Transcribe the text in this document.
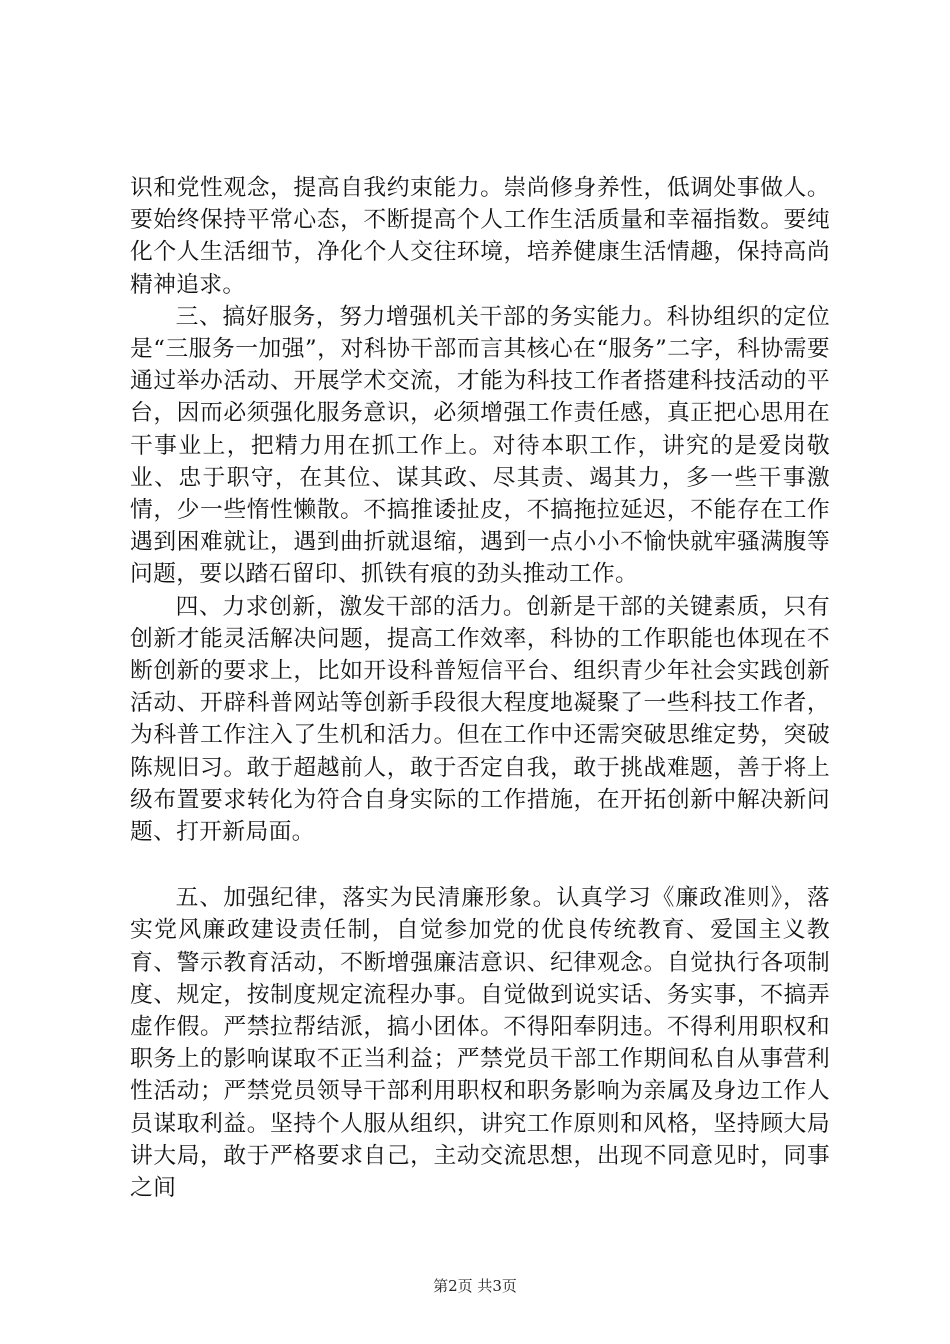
识和党性观念，提高自我约束能力。崇尚修身养性，低调处事做人。要始终保持平常心态，不断提高个人工作生活质量和幸福指数。要纯化个人生活细节，净化个人交往环境，培养健康生活情趣，保持高尚精神追求。

三、搞好服务，努力增强机关干部的务实能力。科协组织的定位是“三服务一加强”，对科协干部而言其核心在“服务”二字，科协需要通过举办活动、开展学术交流，才能为科技工作者搭建科技活动的平台，因而必须强化服务意识，必须增强工作责任感，真正把心思用在干事业上，把精力用在抓工作上。对待本职工作，讲究的是爱岗敬业、忠于职守，在其位、谋其政、尽其责、竭其力，多一些干事激情，少一些惰性懒散。不搞推诿扯皮，不搞拖拉延迟，不能存在工作遇到困难就让，遇到曲折就退缩，遇到一点小小不愉快就牢骚满腹等问题，要以踏石留印、抓铁有痕的劲头推动工作。

四、力求创新，激发干部的活力。创新是干部的关键素质，只有创新才能灵活解决问题，提高工作效率，科协的工作职能也体现在不断创新的要求上，比如开设科普短信平台、组织青少年社会实践创新活动、开辟科普网站等创新手段很大程度地凝聚了一些科技工作者，为科普工作注入了生机和活力。但在工作中还需突破思维定势，突破陈规旧习。敢于超越前人，敢于否定自我，敢于挑战难题，善于将上级布置要求转化为符合自身实际的工作措施，在开拓创新中解决新问题、打开新局面。

五、加强纪律，落实为民清廉形象。认真学习《廉政准则》，落实党风廉政建设责任制，自觉参加党的优良传统教育、爱国主义教育、警示教育活动，不断增强廉洁意识、纪律观念。自觉执行各项制度、规定，按制度规定流程办事。自觉做到说实话、务实事，不搞弄虚作假。严禁拉帮结派，搞小团体。不得阳奉阴违。不得利用职权和职务上的影响谋取不正当利益；严禁党员干部工作期间私自从事营利性活动；严禁党员领导干部利用职权和职务影响为亲属及身边工作人员谋取利益。坚持个人服从组织，讲究工作原则和风格，坚持顾大局讲大局，敢于严格要求自己，主动交流思想，出现不同意见时，同事之间

第2页 共3页
